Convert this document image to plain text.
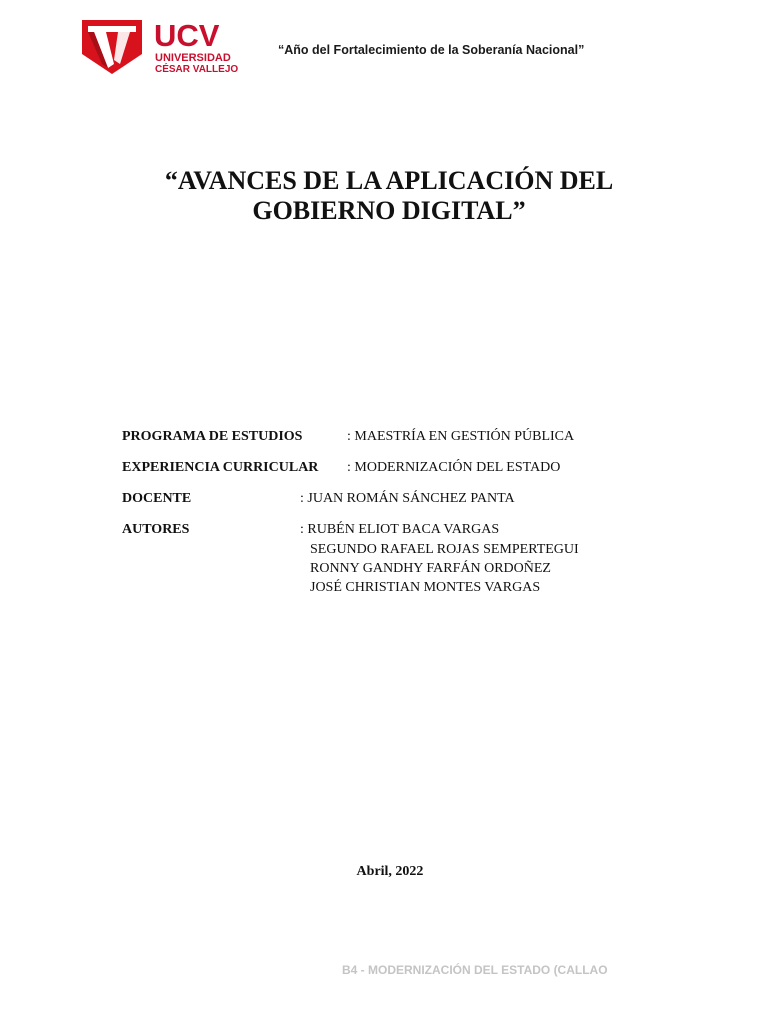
UCV
UNIVERSIDAD
CÉSAR VALLEJO
“Año del Fortalecimiento de la Soberanía Nacional”
“AVANCES DE LA APLICACIÓN DEL
GOBIERNO DIGITAL”
PROGRAMA DE ESTUDIOS	: MAESTRÍA EN GESTIÓN PÚBLICA
EXPERIENCIA CURRICULAR : MODERNIZACIÓN DEL ESTADO
DOCENTE	: JUAN ROMÁN SÁNCHEZ PANTA
AUTORES	: RUBÉN ELIOT BACA VARGAS
SEGUNDO RAFAEL ROJAS SEMPERTEGUI
RONNY GANDHY FARFÁN ORDOÑEZ
JOSÉ CHRISTIAN MONTES VARGAS
Abril, 2022
B4 - MODERNIZACIÓN DEL ESTADO (CALLAO
